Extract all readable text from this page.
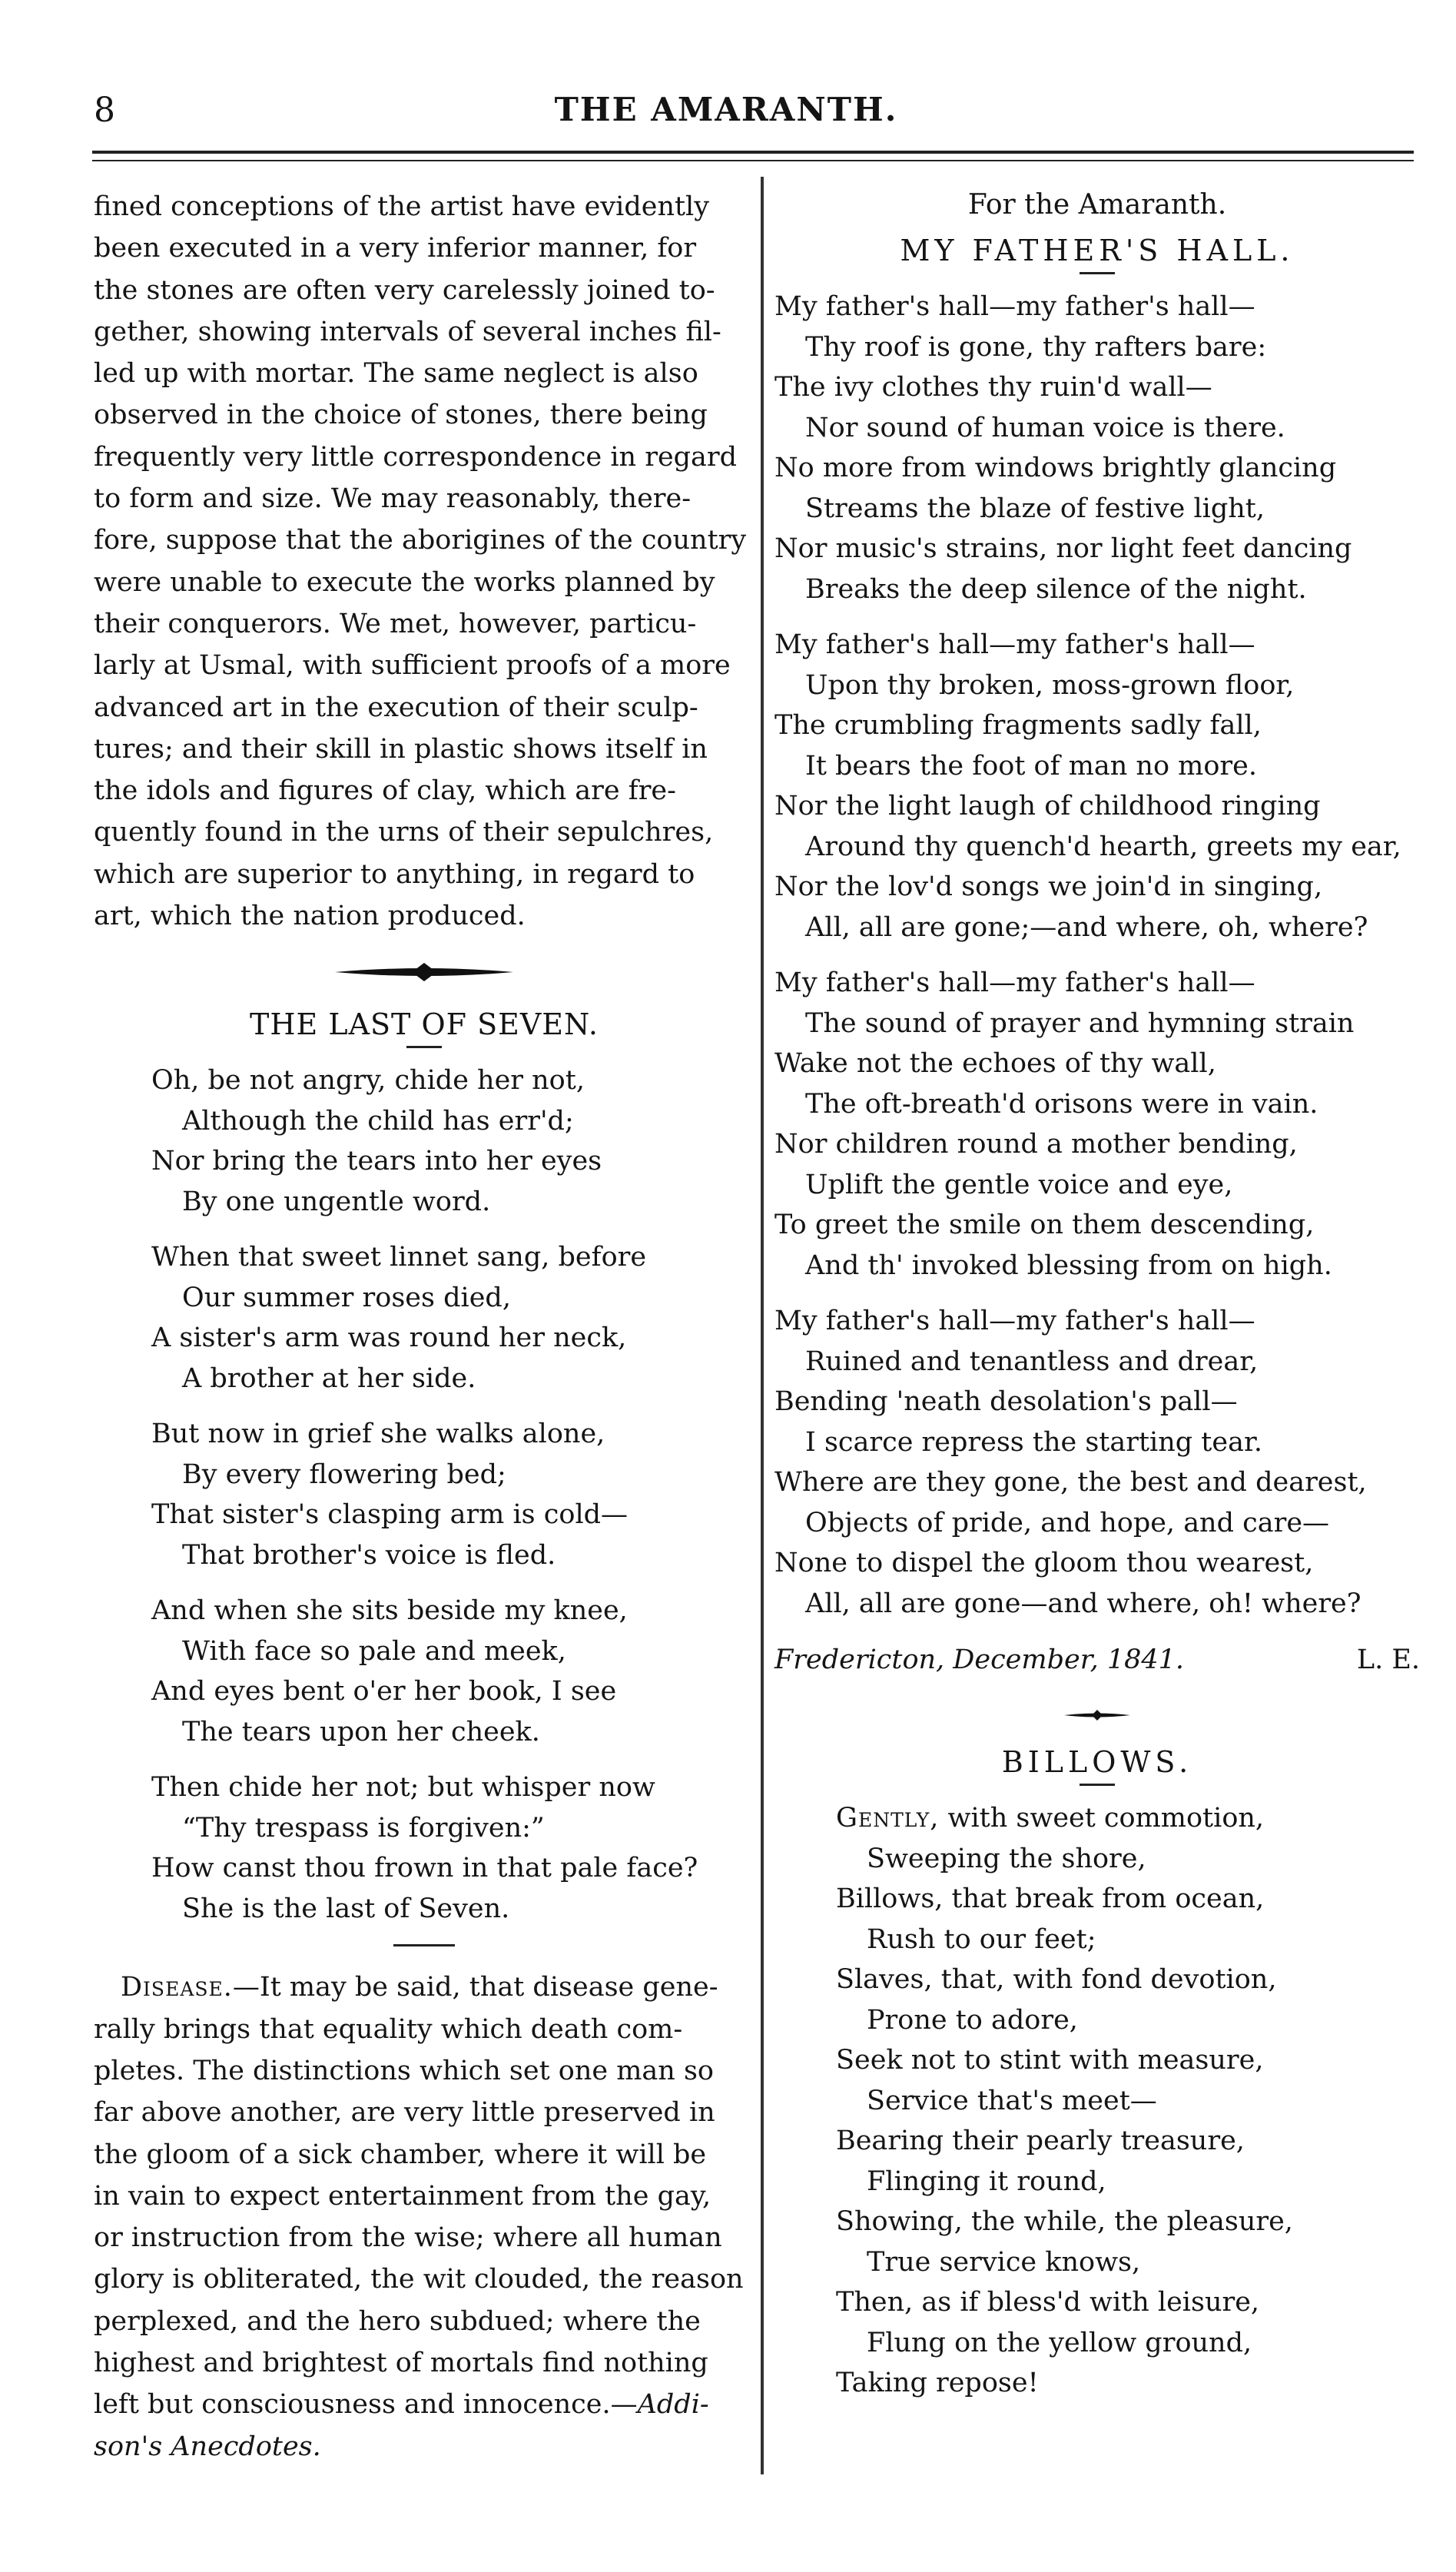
8	THE AMARANTH.
fined conceptions of the artist have evidently
been executed in a very inferior manner, for
the stones are often very carelessly joined to-
gether, showing intervals of several inches fil-
led up with mortar. The same neglect is also
observed in the choice of stones, there being
frequently very little correspondence in regard
to form and size. We may reasonably, there-
fore, suppose that the aborigines of the country
were unable to execute the works planned by
their conquerors. We met, however, particu-
larly at Usmal, with sufficient proofs of a more
advanced art in the execution of their sculp-
tures; and their skill in plastic shows itself in
the idols and figures of clay, which are fre-
quently found in the urns of their sepulchres,
which are superior to anything, in regard to
art, which the nation produced.
THE LAST OF SEVEN.
Oh, be not angry, chide her not,
Although the child has err'd;
Nor bring the tears into her eyes
By one ungentle word.
When that sweet linnet sang, before
Our summer roses died,
A sister's arm was round her neck,
A brother at her side.
But now in grief she walks alone,
By every flowering bed;
That sister's clasping arm is cold—
That brother's voice is fled.
And when she sits beside my knee,
With face so pale and meek,
And eyes bent o'er her book, I see
The tears upon her cheek.
Then chide her not; but whisper now
“Thy trespass is forgiven:”
How canst thou frown in that pale face?
She is the last of Seven.
Disease.—It may be said, that disease gene-
rally brings that equality which death com-
pletes. The distinctions which set one man so
far above another, are very little preserved in
the gloom of a sick chamber, where it will be
in vain to expect entertainment from the gay,
or instruction from the wise; where all human
glory is obliterated, the wit clouded, the reason
perplexed, and the hero subdued; where the
highest and brightest of mortals find nothing
left but consciousness and innocence.—Addi-
son's Anecdotes.
For the Amaranth.
MY FATHER'S HALL.
My father's hall—my father's hall—
Thy roof is gone, thy rafters bare:
The ivy clothes thy ruin'd wall—
Nor sound of human voice is there.
No more from windows brightly glancing
Streams the blaze of festive light,
Nor music's strains, nor light feet dancing
Breaks the deep silence of the night.
My father's hall—my father's hall—
Upon thy broken, moss-grown floor,
The crumbling fragments sadly fall,
It bears the foot of man no more.
Nor the light laugh of childhood ringing
Around thy quench'd hearth, greets my ear,
Nor the lov'd songs we join'd in singing,
All, all are gone;—and where, oh, where?
My father's hall—my father's hall—
The sound of prayer and hymning strain
Wake not the echoes of thy wall,
The oft-breath'd orisons were in vain.
Nor children round a mother bending,
Uplift the gentle voice and eye,
To greet the smile on them descending,
And th' invoked blessing from on high.
My father's hall—my father's hall—
Ruined and tenantless and drear,
Bending 'neath desolation's pall—
I scarce repress the starting tear.
Where are they gone, the best and dearest,
Objects of pride, and hope, and care—
None to dispel the gloom thou wearest,
All, all are gone—and where, oh! where?
Fredericton, December, 1841.	L. E.
BILLOWS.
Gently, with sweet commotion,
Sweeping the shore,
Billows, that break from ocean,
Rush to our feet;
Slaves, that, with fond devotion,
Prone to adore,
Seek not to stint with measure,
Service that's meet—
Bearing their pearly treasure,
Flinging it round,
Showing, the while, the pleasure,
True service knows,
Then, as if bless'd with leisure,
Flung on the yellow ground,
Taking repose!
